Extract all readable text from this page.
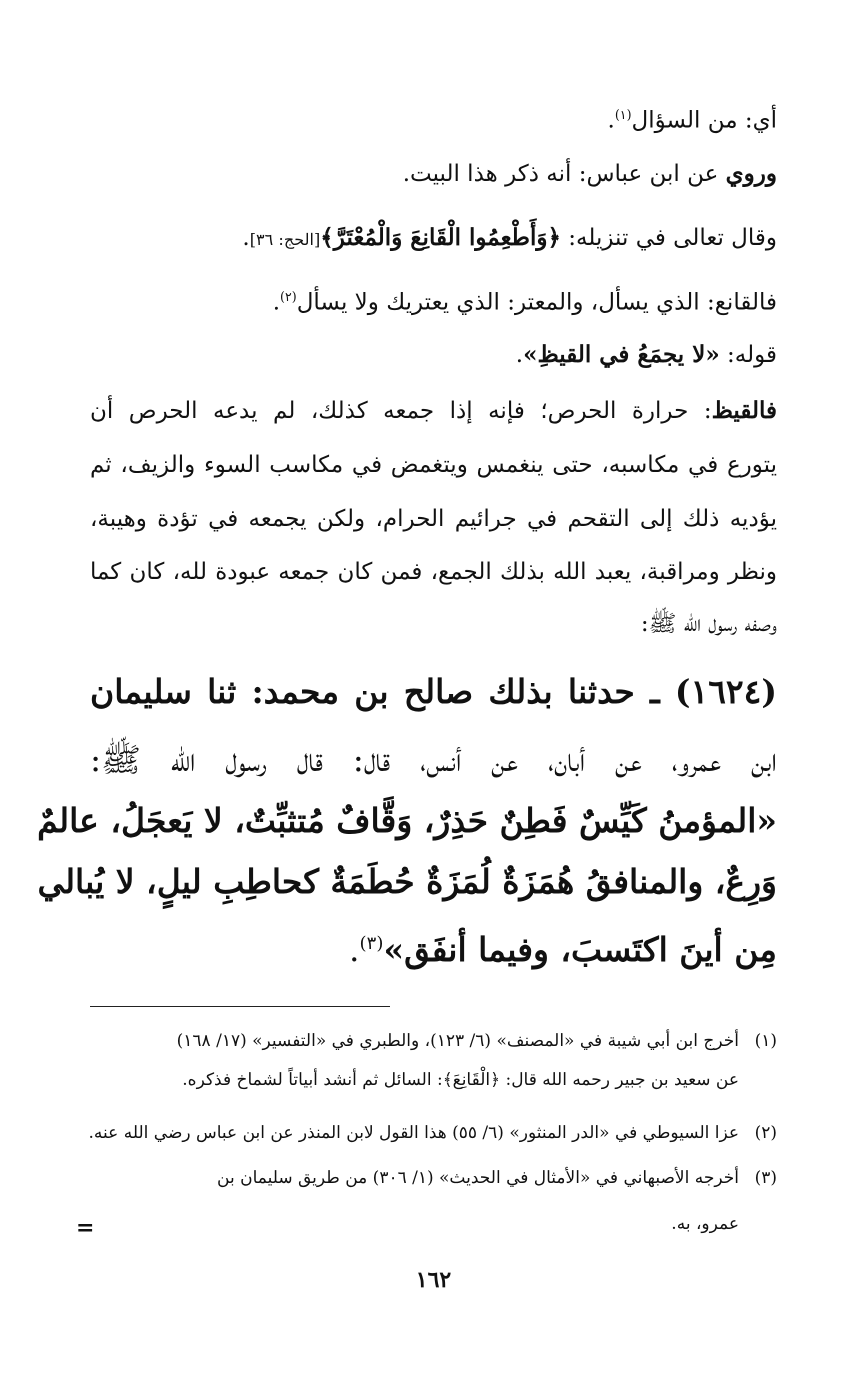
أي: من السؤال$^{(١)}$.
وروي عن ابن عباس: أنه ذكر هذا البيت.
وقال تعالى في تنزيله: ﴿وَأَطْعِمُوا الْقَانِعَ وَالْمُعْتَرَّ﴾[الحج: ٣٦].
فالقانع: الذي يسأل، والمعتر: الذي يعتريك ولا يسأل$^{(٢)}$.
قوله: «لا يجمَعُ في القيظِ».
فالقيظ: حرارة الحرص؛ فإنه إذا جمعه كذلك، لم يدعه الحرص أن
يتورع في مكاسبه، حتى ينغمس ويتغمض في مكاسب السوء والزيف، ثم
يؤديه ذلك إلى التقحم في جرائيم الحرام، ولكن يجمعه في تؤدة وهيبة،
ونظر ومراقبة، يعبد الله بذلك الجمع، فمن كان جمعه عبودة لله، كان كما
وصفه رسول الله ﷺ:
(١٦٢٤) ـ حدثنا بذلك صالح بن محمد: ثنا سليمان
ابن عمرو، عن أبان، عن أنس، قال: قال رسول الله ﷺ:
«المؤمنُ كَيِّسٌ فَطِنٌ حَذِرٌ، وَقَّافٌ مُتثبِّتٌ، لا يَعجَلُ، عالمٌ
وَرِعٌ، والمنافقُ هُمَزَةٌ لُمَزَةٌ حُطَمَةٌ كحاطِبِ ليلٍ، لا يُبالي
مِن أينَ اكتَسبَ، وفيما أنفَق»$^{(٣)}$.
(١)أخرج ابن أبي شيبة في «المصنف» (٦/ ١٢٣)، والطبري في «التفسير» (١٧/ ١٦٨)
عن سعيد بن جبير رحمه الله قال: ﴿الْقَانِعَ﴾: السائل ثم أنشد أبياتاً لشماخ فذكره.
(٢)عزا السيوطي في «الدر المنثور» (٦/ ٥٥) هذا القول لابن المنذر عن ابن عباس رضي الله عنه.
(٣)أخرجه الأصبهاني في «الأمثال في الحديث» (١/ ٣٠٦) من طريق سليمان بن
عمرو، به.
=
١٦٢
